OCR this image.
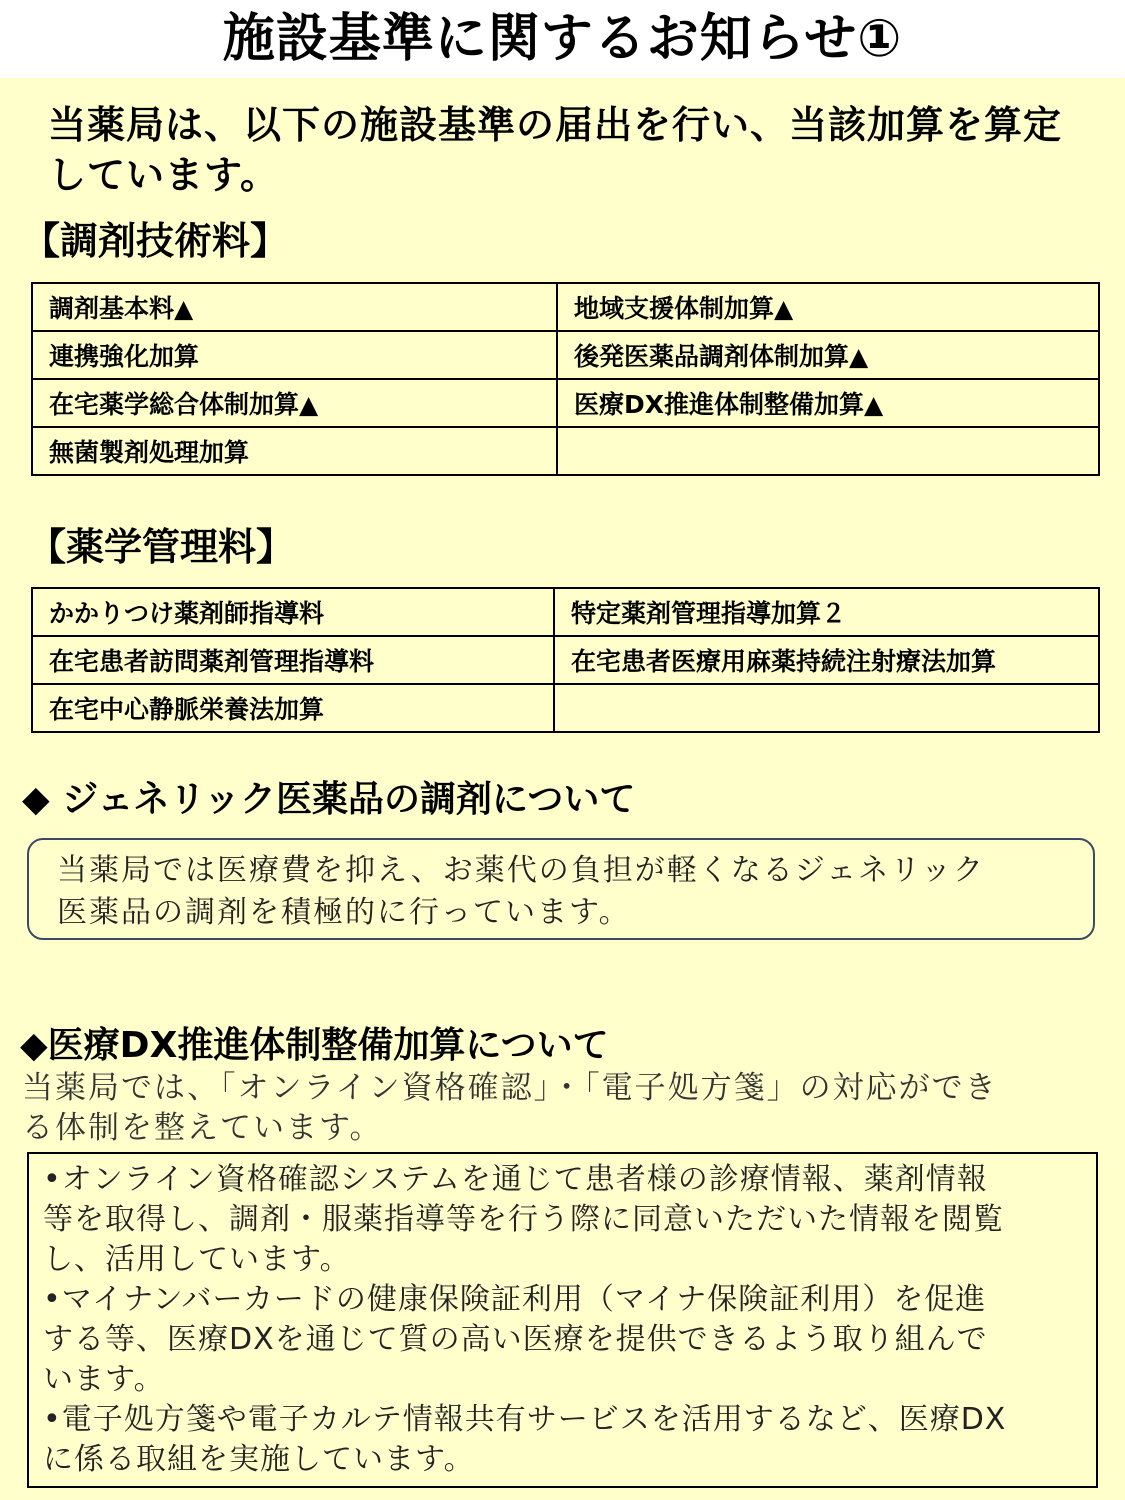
施設基準に関するお知らせ①
当薬局は、以下の施設基準の届出を行い、当該加算を算定しています。
【調剤技術料】
調剤基本料▲	地域支援体制加算▲
連携強化加算	後発医薬品調剤体制加算▲
在宅薬学総合体制加算▲	医療DX推進体制整備加算▲
無菌製剤処理加算	
【薬学管理料】
かかりつけ薬剤師指導料	特定薬剤管理指導加算２
在宅患者訪問薬剤管理指導料	在宅患者医療用麻薬持続注射療法加算
在宅中心静脈栄養法加算	
◆ ジェネリック医薬品の調剤について
当薬局では医療費を抑え、お薬代の負担が軽くなるジェネリック
医薬品の調剤を積極的に行っています。
◆医療DX推進体制整備加算について
当薬局では、「オンライン資格確認」・「電子処方箋」の対応ができ
る体制を整えています。

•オンライン資格確認システムを通じて患者様の診療情報、薬剤情報
等を取得し、調剤・服薬指導等を行う際に同意いただいた情報を閲覧
し、活用しています。

•マイナンバーカードの健康保険証利用（マイナ保険証利用）を促進
する等、医療DXを通じて質の高い医療を提供できるよう取り組んで
います。

•電子処方箋や電子カルテ情報共有サービスを活用するなど、医療DX
に係る取組を実施しています。
